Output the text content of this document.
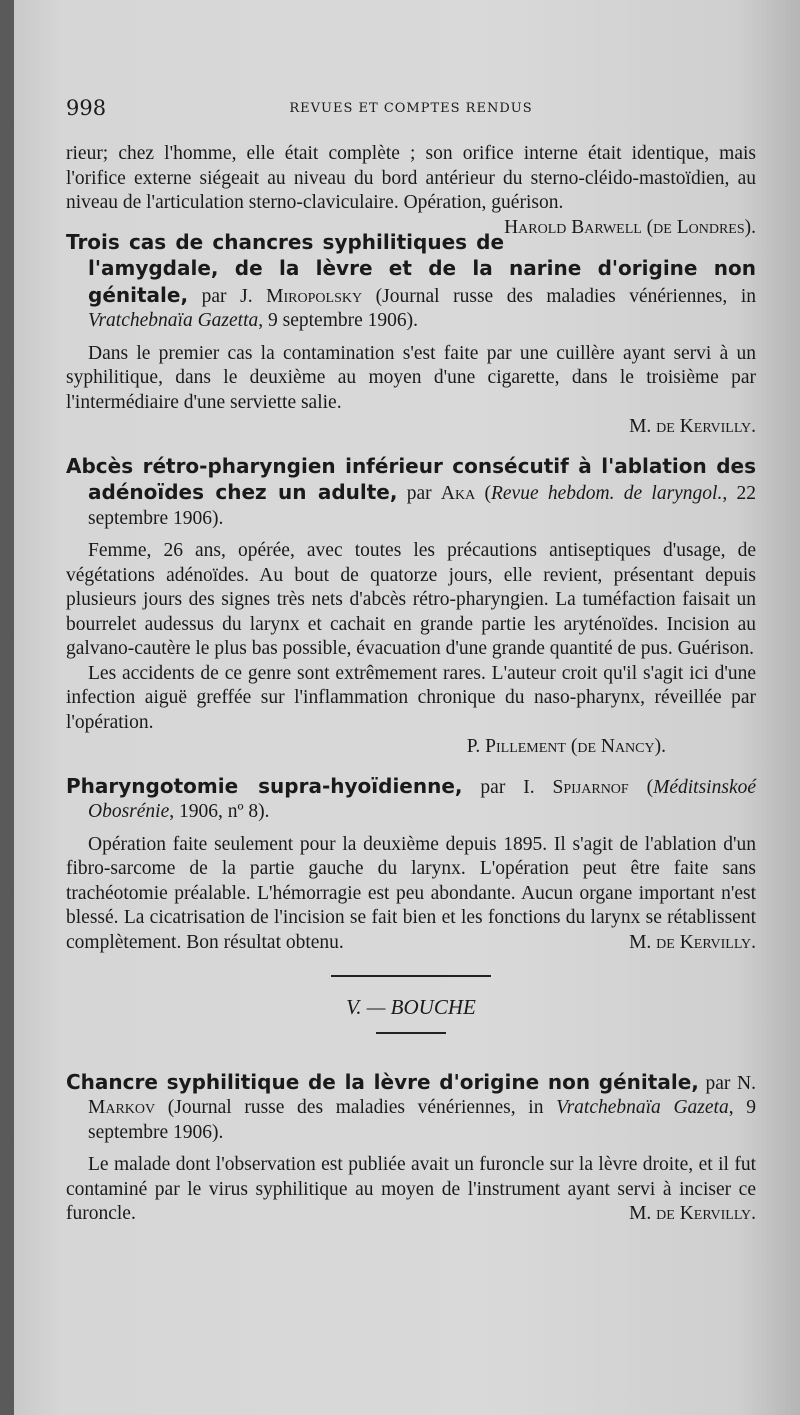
998	REVUES ET COMPTES RENDUS

rieur; chez l'homme, elle était complète ; son orifice interne était identique, mais l'orifice externe siégeait au niveau du bord antérieur du sterno-cléido-mastoïdien, au niveau de l'articulation sterno-claviculaire. Opération, guérison.
Harold Barwell (de Londres).

Trois cas de chancres syphilitiques de l'amygdale, de la lèvre et de la narine d'origine non génitale, par J. Miropolsky (Journal russe des maladies vénériennes, in Vratchebnaïa Gazetta, 9 septembre 1906).

Dans le premier cas la contamination s'est faite par une cuillère ayant servi à un syphilitique, dans le deuxième au moyen d'une cigarette, dans le troisième par l'intermédiaire d'une serviette salie.

M. de Kervilly.

Abcès rétro-pharyngien inférieur consécutif à l'ablation des adénoïdes chez un adulte, par Aka (Revue hebdom. de laryngol., 22 septembre 1906).

Femme, 26 ans, opérée, avec toutes les précautions antiseptiques d'usage, de végétations adénoïdes. Au bout de quatorze jours, elle revient, présentant depuis plusieurs jours des signes très nets d'abcès rétro-pharyngien. La tuméfaction faisait un bourrelet audessus du larynx et cachait en grande partie les aryténoïdes. Incision au galvano-cautère le plus bas possible, évacuation d'une grande quantité de pus. Guérison.

Les accidents de ce genre sont extrêmement rares. L'auteur croit qu'il s'agit ici d'une infection aiguë greffée sur l'inflammation chronique du naso-pharynx, réveillée par l'opération.

P. Pillement (de Nancy).

Pharyngotomie supra-hyoïdienne, par I. Spijarnof (Méditsinskoé Obosrénie, 1906, nº 8).

Opération faite seulement pour la deuxième depuis 1895. Il s'agit de l'ablation d'un fibro-sarcome de la partie gauche du larynx. L'opération peut être faite sans trachéotomie préalable. L'hémorragie est peu abondante. Aucun organe important n'est blessé. La cicatrisation de l'incision se fait bien et les fonctions du larynx se rétablissent complètement. Bon résultat obtenu.	M. de Kervilly.

V. — BOUCHE

Chancre syphilitique de la lèvre d'origine non génitale, par N. Markov (Journal russe des maladies vénériennes, in Vratchebnaïa Gazeta, 9 septembre 1906).

Le malade dont l'observation est publiée avait un furoncle sur la lèvre droite, et il fut contaminé par le virus syphilitique au moyen de l'instrument ayant servi à inciser ce furoncle.	M. de Kervilly.
